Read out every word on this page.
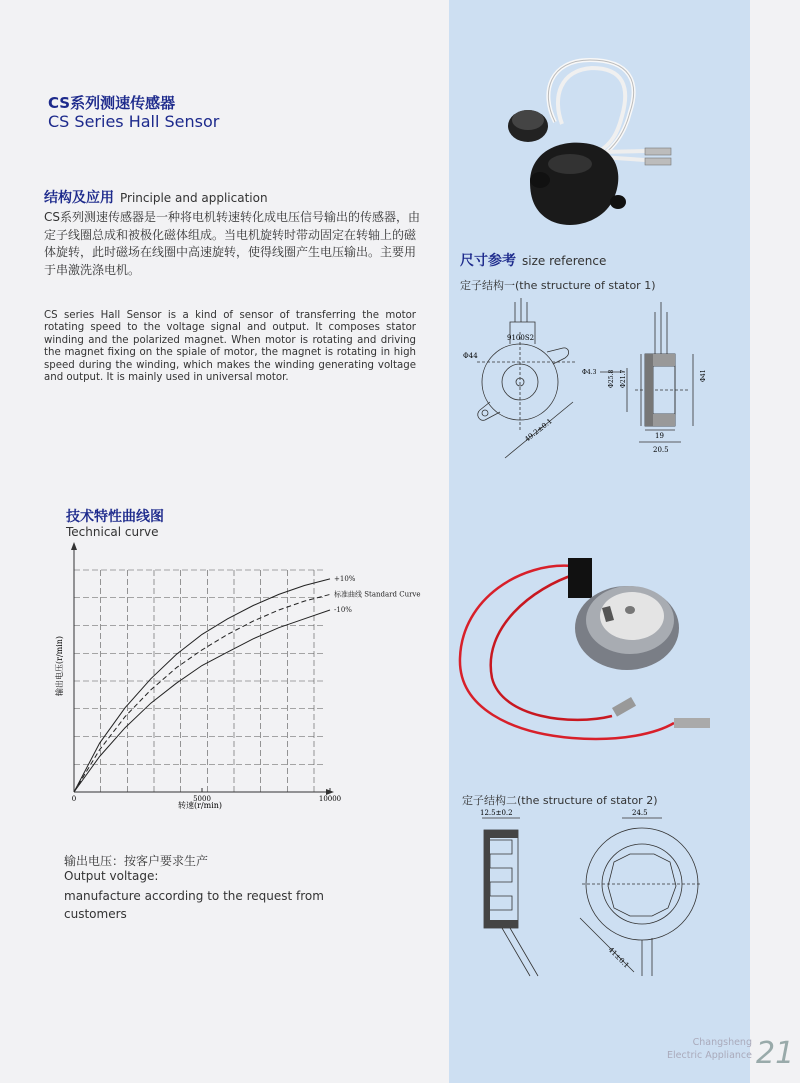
CS系列测速传感器
CS Series Hall Sensor
结构及应用 Principle and application
CS系列测速传感器是一种将电机转速转化成电压信号输出的传感器，由定子线圈总成和被极化磁体组成。当电机旋转时带动固定在转轴上的磁体旋转，此时磁场在线圈中高速旋转，使得线圈产生电压输出。主要用于串激洗涤电机。
CS series Hall Sensor is a kind of sensor of transferring the motor rotating speed to the voltage signal and output. It composes stator winding and the polarized magnet. When motor is rotating and driving the magnet fixing on the spiale of motor, the magnet is rotating in high speed during the winding, which makes the winding generating voltage and output. It is mainly used in universal motor.
技术特性曲线图
Technical curve
+10%
标准曲线 Standard Curve
-10%
0	5000	10000
转速(r/min)
输出电压(r/min)
输出电压：按客户要求生产
Output voltage:
manufacture according to the request from customers
尺寸参考 size reference
定子结构一(the structure of stator 1)
Φ44
9100S2
Φ4.3 Φ25.8 Φ21.7	Φ41
19
20.5
49.2±0.1
定子结构二(the structure of stator 2)
12.5±0.2	24.5
41±0.1
Changsheng
Electric Appliance 21
